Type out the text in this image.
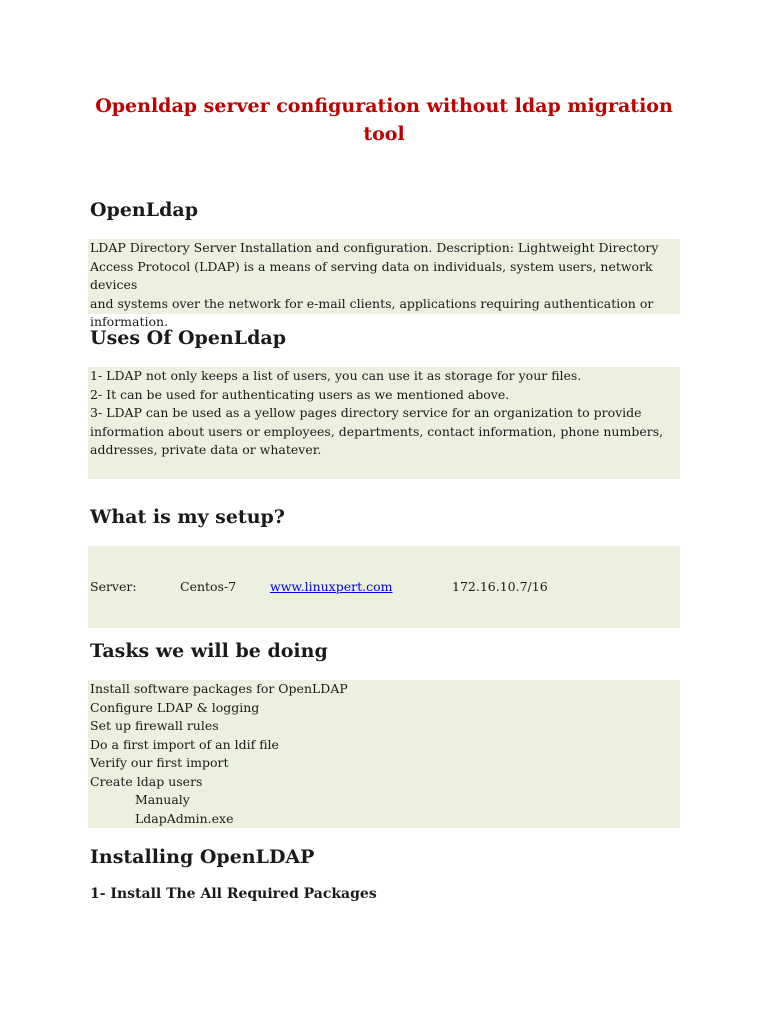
Openldap server configuration without ldap migration tool
OpenLdap

LDAP Directory Server Installation and configuration. Description: Lightweight Directory

Access Protocol (LDAP) is a means of serving data on individuals, system users, network devices

and systems over the network for e-mail clients, applications requiring authentication or

information.

Uses Of OpenLdap

1- LDAP not only keeps a list of users, you can use it as storage for your files.

2- It can be used for authenticating users as we mentioned above.

3- LDAP can be used as a yellow pages directory service for an organization to provide

information about users or employees, departments, contact information, phone numbers,

addresses, private data or whatever.

What is my setup?
Server:	Centos-7	www.linuxpert.com	172.16.10.7/16
Tasks we will be doing

Install software packages for OpenLDAP

Configure LDAP & logging

Set up firewall rules

Do a first import of an ldif file

Verify our first import

Create ldap users

Manualy

LdapAdmin.exe

Installing OpenLDAP
1- Install The All Required Packages
